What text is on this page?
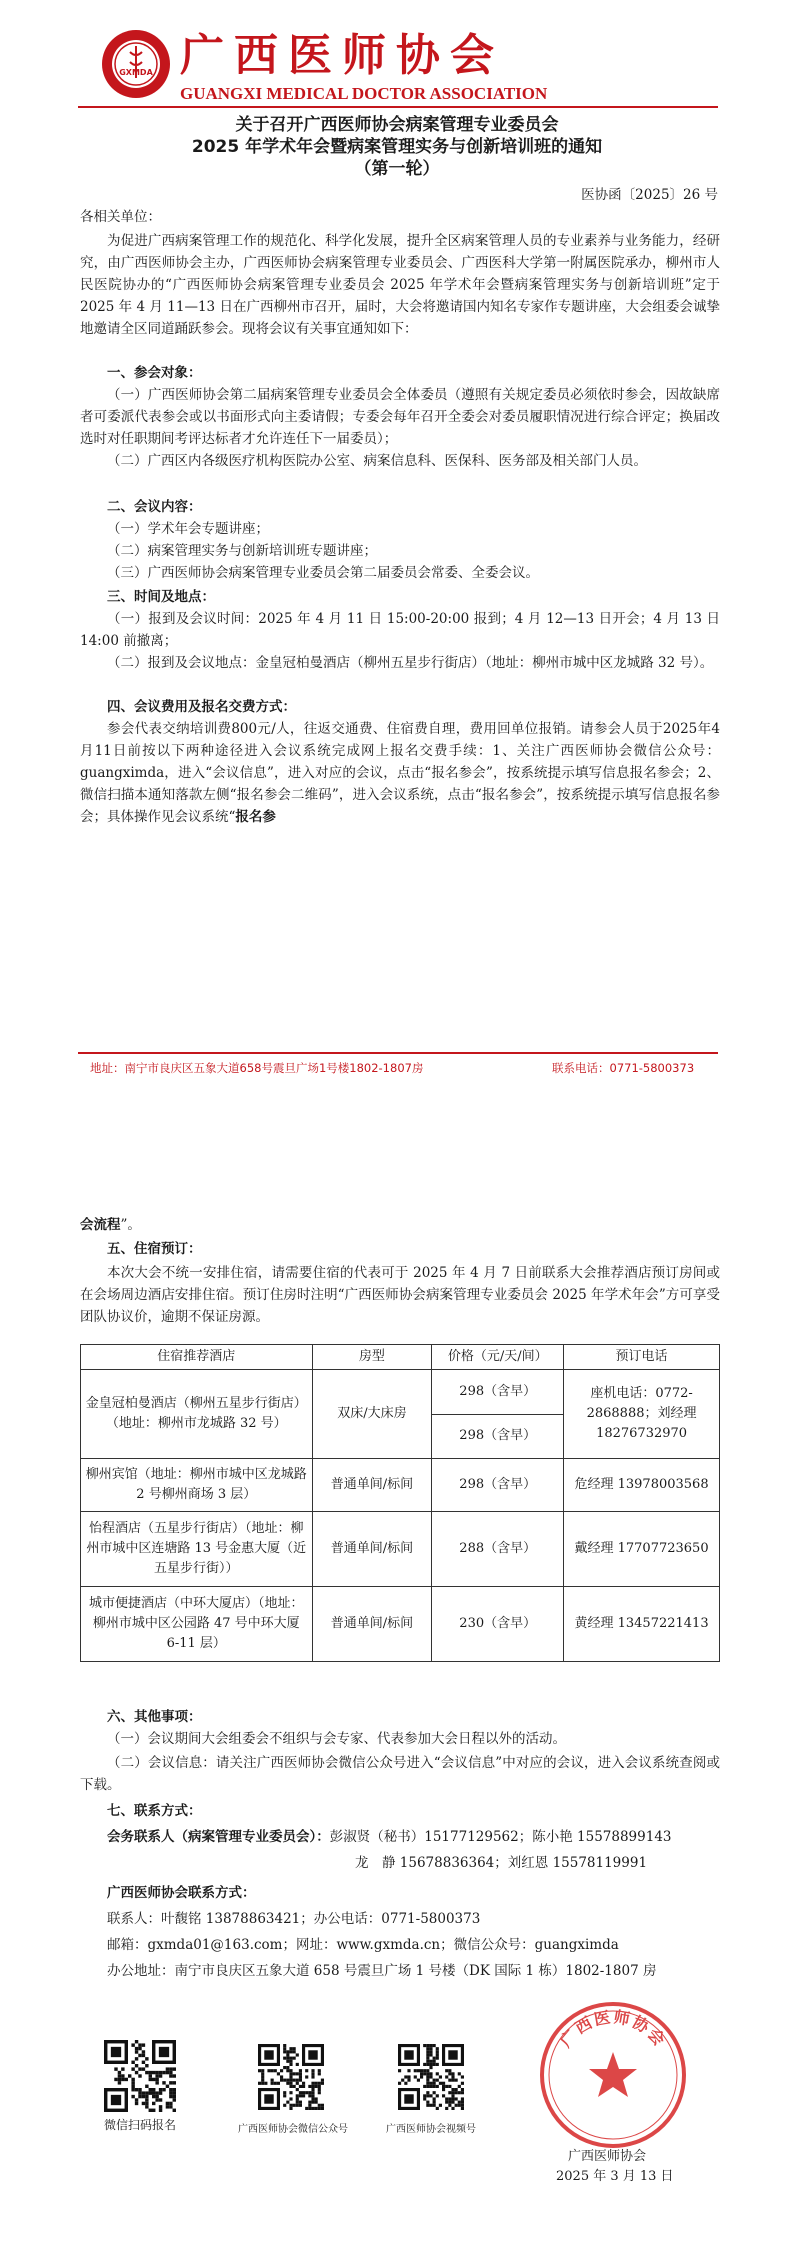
GXMDA 广西医师协会
GUANGXI MEDICAL DOCTOR ASSOCIATION
关于召开广西医师协会病案管理专业委员会
2025 年学术年会暨病案管理实务与创新培训班的通知
（第一轮）
医协函〔2025〕26 号
各相关单位：
为促进广西病案管理工作的规范化、科学化发展，提升全区病案管理人员的专业素养与业务能力，经研究，由广西医师协会主办，广西医师协会病案管理专业委员会、广西医科大学第一附属医院承办，柳州市人民医院协办的“广西医师协会病案管理专业委员会 2025 年学术年会暨病案管理实务与创新培训班”定于 2025 年 4 月 11—13 日在广西柳州市召开，届时，大会将邀请国内知名专家作专题讲座，大会组委会诚挚地邀请全区同道踊跃参会。现将会议有关事宜通知如下：
一、参会对象：
（一）广西医师协会第二届病案管理专业委员会全体委员（遵照有关规定委员必须依时参会，因故缺席者可委派代表参会或以书面形式向主委请假；专委会每年召开全委会对委员履职情况进行综合评定；换届改选时对任职期间考评达标者才允许连任下一届委员）；
（二）广西区内各级医疗机构医院办公室、病案信息科、医保科、医务部及相关部门人员。
二、会议内容：
（一）学术年会专题讲座；
（二）病案管理实务与创新培训班专题讲座；
（三）广西医师协会病案管理专业委员会第二届委员会常委、全委会议。
三、时间及地点：
（一）报到及会议时间：2025 年 4 月 11 日 15:00-20:00 报到；4 月 12—13 日开会；4 月 13 日 14:00 前撤离；
（二）报到及会议地点：金皇冠柏曼酒店（柳州五星步行街店）（地址：柳州市城中区龙城路 32 号）。
四、会议费用及报名交费方式：
参会代表交纳培训费800元/人，往返交通费、住宿费自理，费用回单位报销。请参会人员于2025年4月11日前按以下两种途径进入会议系统完成网上报名交费手续：1、关注广西医师协会微信公众号：guangximda，进入“会议信息”，进入对应的会议，点击“报名参会”，按系统提示填写信息报名参会；2、微信扫描本通知落款左侧“报名参会二维码”，进入会议系统，点击“报名参会”，按系统提示填写信息报名参会；具体操作见会议系统“报名参
地址：南宁市良庆区五象大道658号震旦广场1号楼1802-1807房	联系电话：0771-5800373
会流程”。
五、住宿预订：
本次大会不统一安排住宿，请需要住宿的代表可于 2025 年 4 月 7 日前联系大会推荐酒店预订房间或在会场周边酒店安排住宿。预订住房时注明“广西医师协会病案管理专业委员会 2025 年学术年会”方可享受团队协议价，逾期不保证房源。
住宿推荐酒店	房型	价格（元/天/间）	预订电话
金皇冠柏曼酒店（柳州五星步行街店）（地址：柳州市龙城路 32 号）	双床/大床房	298（含早）	座机电话：0772-2868888；刘经理 18276732970
		298（含早）	
柳州宾馆（地址：柳州市城中区龙城路 2 号柳州商场 3 层）	普通单间/标间	298（含早）	危经理 13978003568
怡程酒店（五星步行街店）（地址：柳州市城中区连塘路 13 号金惠大厦（近五星步行街））	普通单间/标间	288（含早）	戴经理 17707723650
城市便捷酒店（中环大厦店）（地址：柳州市城中区公园路 47 号中环大厦 6-11 层）	普通单间/标间	230（含早）	黄经理 13457221413
六、其他事项：
（一）会议期间大会组委会不组织与会专家、代表参加大会日程以外的活动。
（二）会议信息：请关注广西医师协会微信公众号进入“会议信息”中对应的会议，进入会议系统查阅或下载。
七、联系方式：
会务联系人（病案管理专业委员会）：彭淑贤（秘书）15177129562；陈小艳 15578899143
龙　静 15678836364；刘红恩 15578119991
广西医师协会联系方式：
联系人：叶馥铭 13878863421；办公电话：0771-5800373
邮箱：gxmda01@163.com；网址：www.gxmda.cn；微信公众号：guangximda
办公地址：南宁市良庆区五象大道 658 号震旦广场 1 号楼（DK 国际 1 栋）1802-1807 房
微信扫码报名	广西医师协会微信公众号	广西医师协会视频号
广西医师协会
广西医师协会
2025 年 3 月 13 日
